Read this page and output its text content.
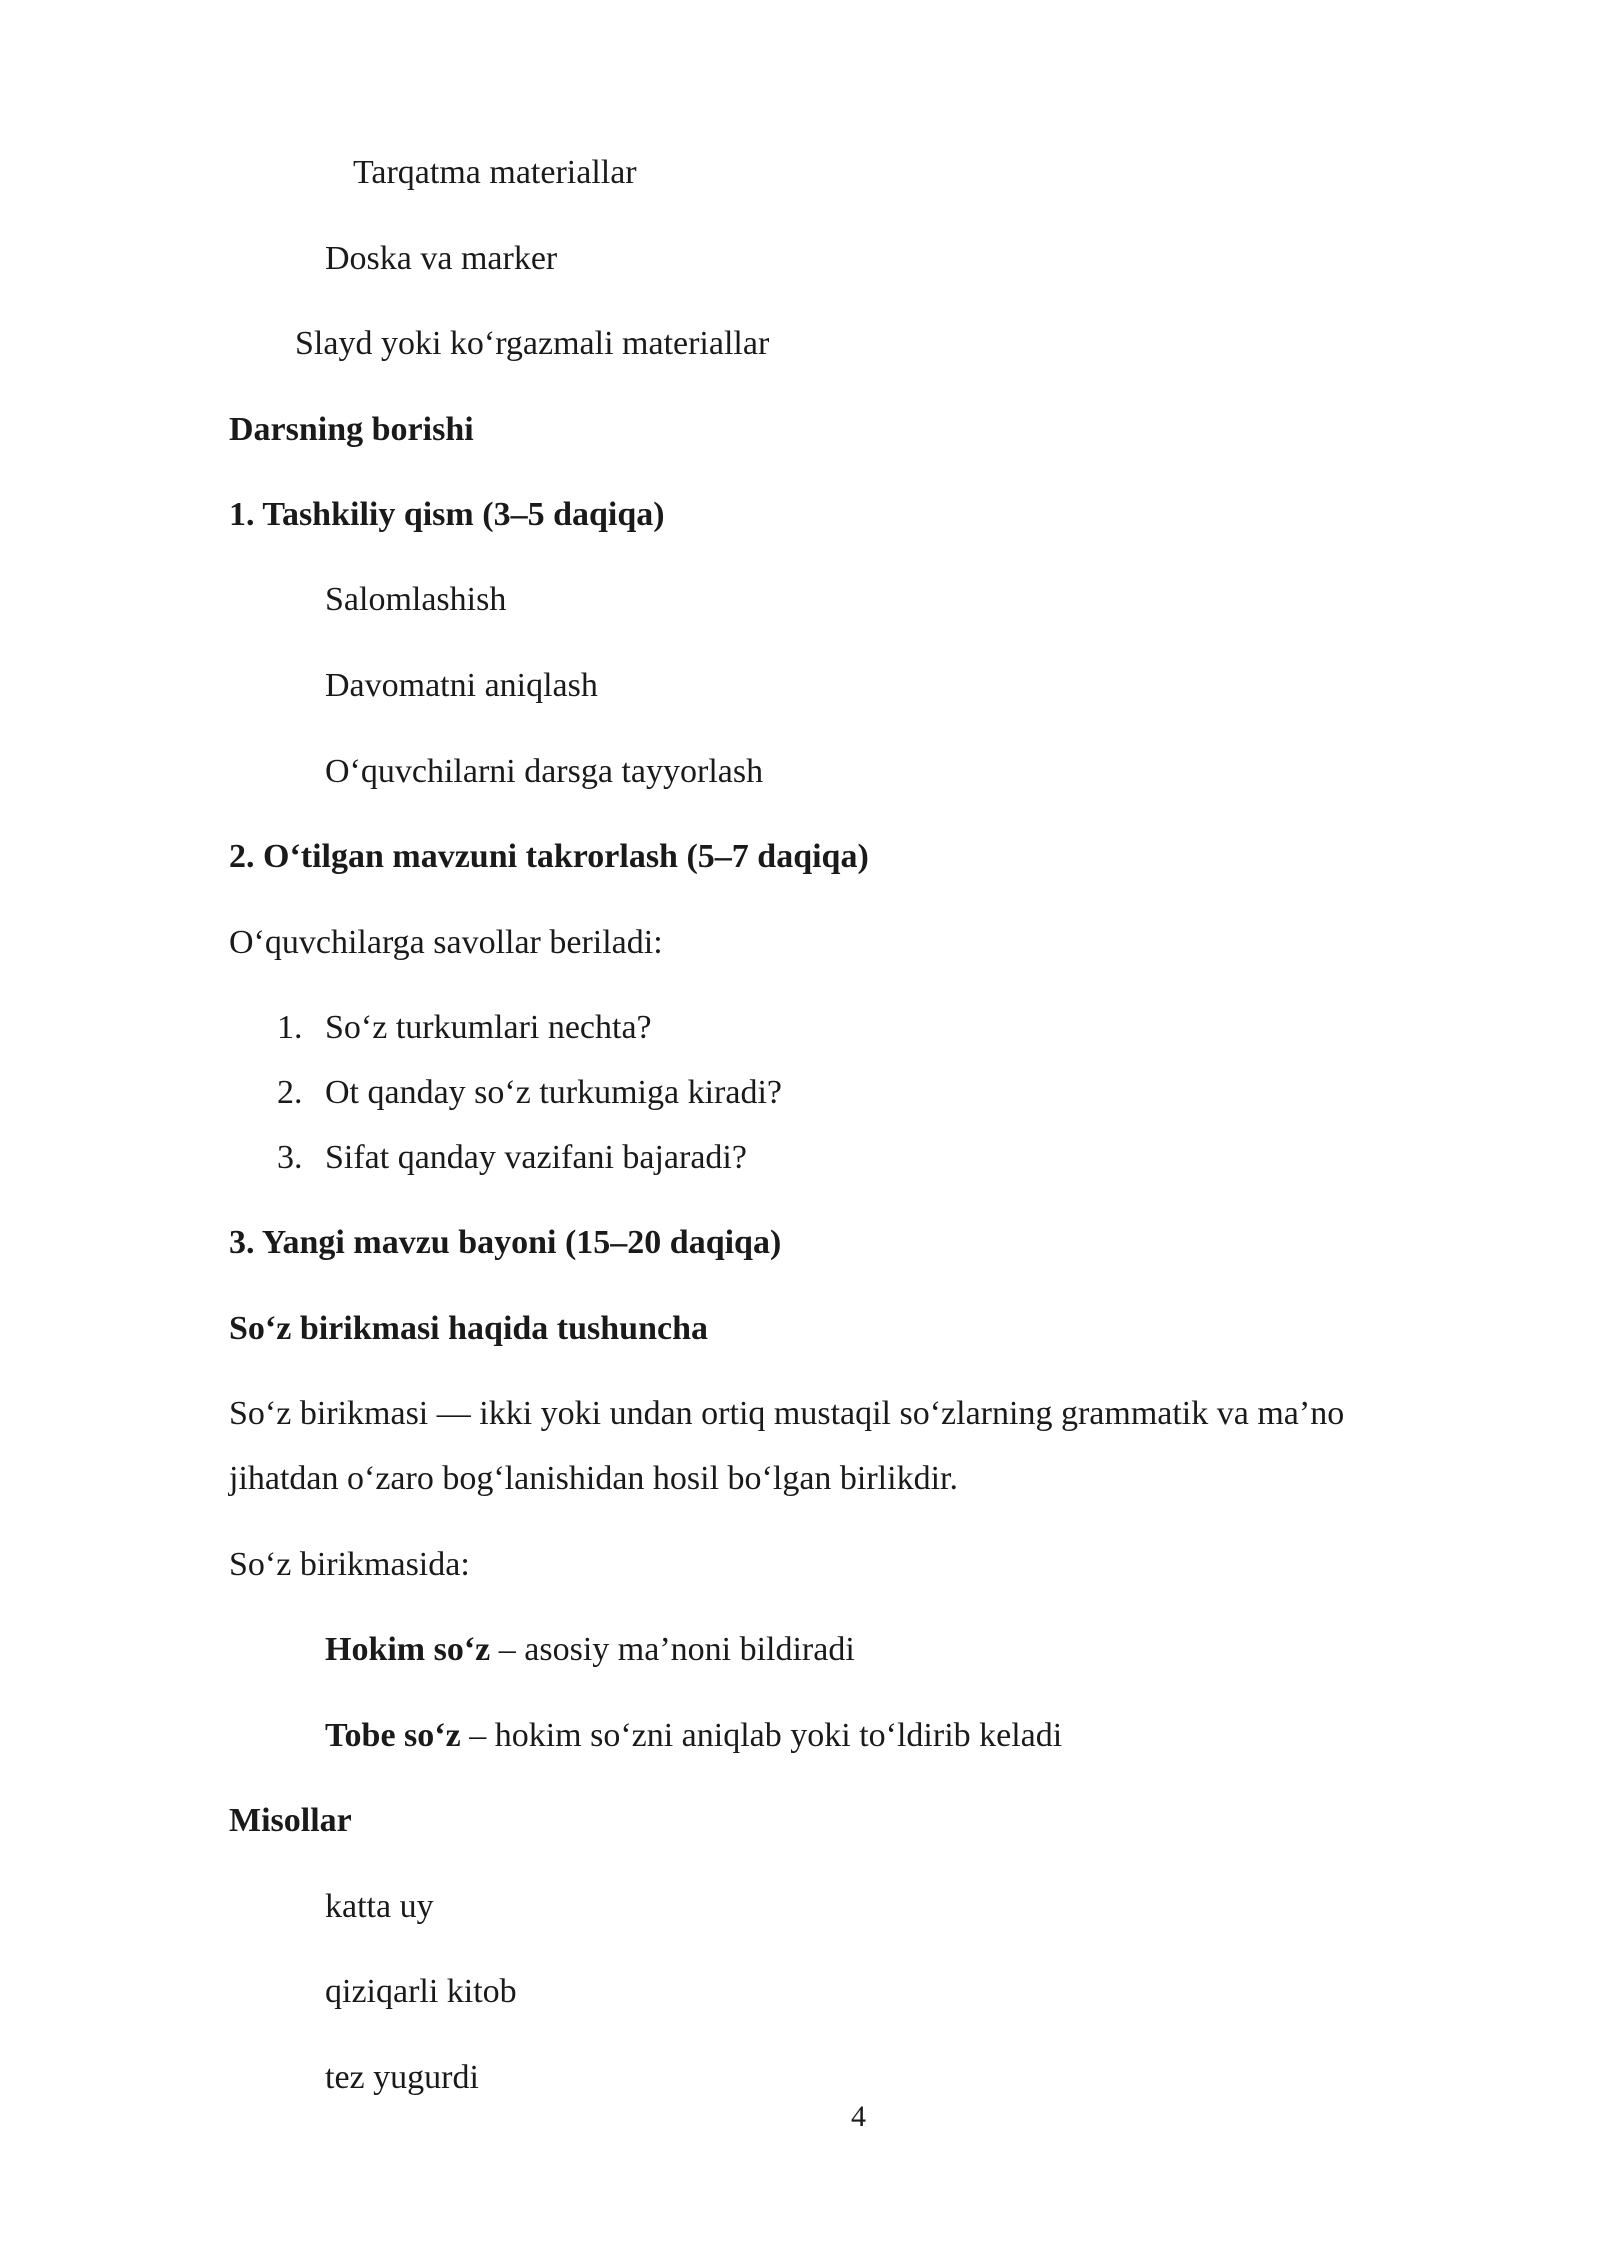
Tarqatma materiallar
Doska va marker
Slayd yoki ko‘rgazmali materiallar
Darsning borishi
1. Tashkiliy qism (3–5 daqiqa)
Salomlashish
Davomatni aniqlash
O‘quvchilarni darsga tayyorlash
2. O‘tilgan mavzuni takrorlash (5–7 daqiqa)
O‘quvchilarga savollar beriladi:
1. So‘z turkumlari nechta?
2. Ot qanday so‘z turkumiga kiradi?
3. Sifat qanday vazifani bajaradi?
3. Yangi mavzu bayoni (15–20 daqiqa)
So‘z birikmasi haqida tushuncha
So‘z birikmasi — ikki yoki undan ortiq mustaqil so‘zlarning grammatik va ma’no
jihatdan o‘zaro bog‘lanishidan hosil bo‘lgan birlikdir.
So‘z birikmasida:
Hokim so‘z – asosiy ma’noni bildiradi
Tobe so‘z – hokim so‘zni aniqlab yoki to‘ldirib keladi
Misollar
katta uy
qiziqarli kitob
tez yugurdi
4
